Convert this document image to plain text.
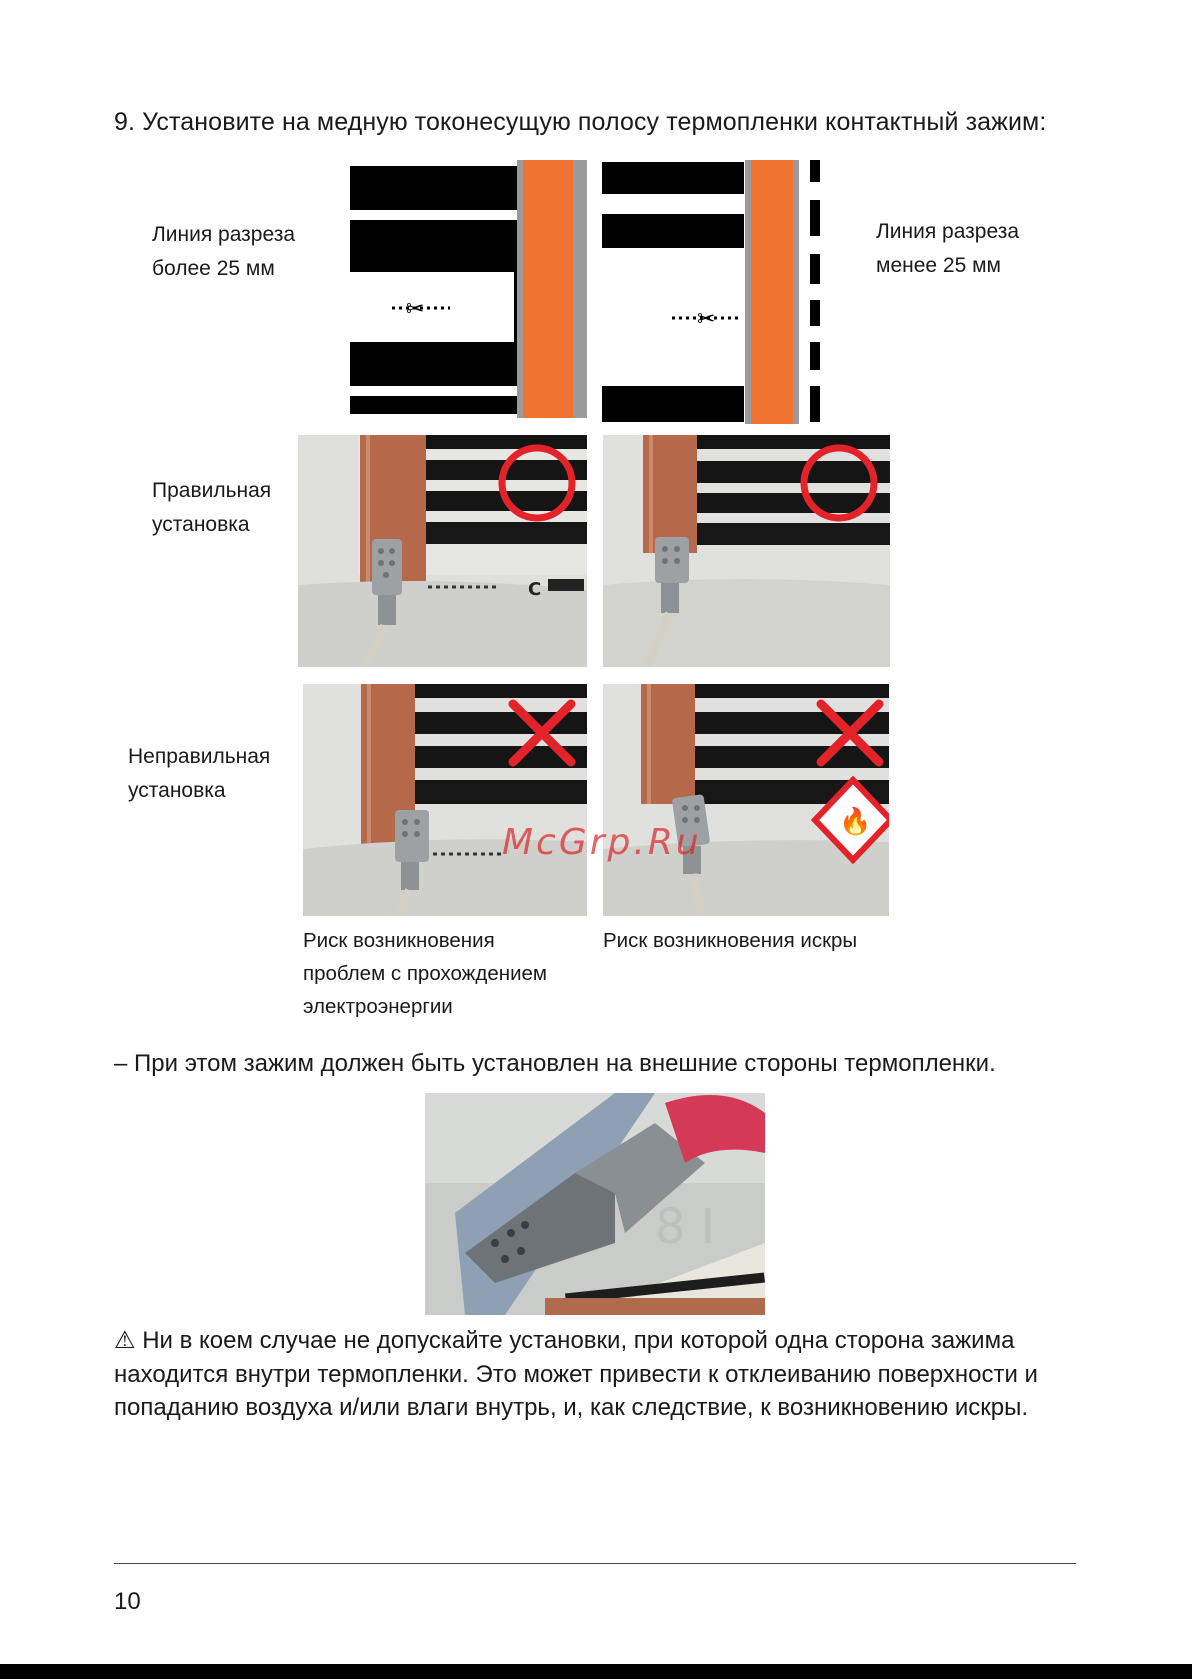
9. Установите на медную токонесущую полосу термопленки контактный зажим:
Линия разреза
более 25 мм
Линия разреза
менее 25 мм
✂	✂
Правильная
установка
Неправильная
установка
C
🔥
McGrp.Ru
Риск возникновения
проблем с прохождением
электроэнергии
Риск возникновения искры
– При этом зажим должен быть установлен на внешние стороны термопленки.
8 I
⚠ Ни в коем случае не допускайте установки, при которой одна сторона зажима находится внутри термопленки. Это может привести к отклеиванию поверхности и попаданию воздуха и/или влаги внутрь, и, как следствие, к возникновению искры.
10
